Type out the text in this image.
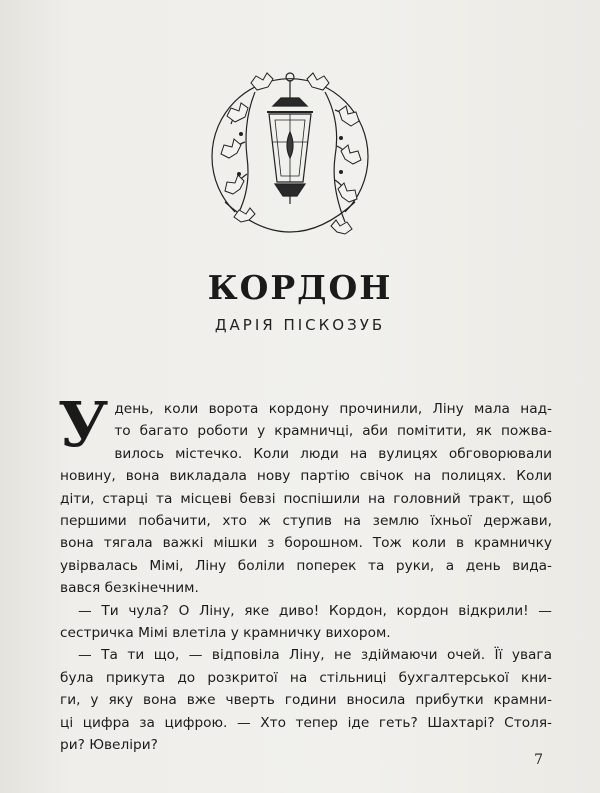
КОРДОН
ДАРІЯ ПІСКОЗУБ
У день, коли ворота кордону прочинили, Ліну мала над-
то багато роботи у крамничці, аби помітити, як пожва-
вилось містечко. Коли люди на вулицях обговорювали
новину, вона викладала нову партію свічок на полицях. Коли
діти, старці та місцеві бевзі поспішили на головний тракт, щоб
першими побачити, хто ж ступив на землю їхньої держави,
вона тягала важкі мішки з борошном. Тож коли в крамничку
увірвалась Мімі, Ліну боліли поперек та руки, а день вида-
вався безкінечним.
— Ти чула? О Ліну, яке диво! Кордон, кордон відкрили! —
сестричка Мімі влетіла у крамничку вихором.
— Та ти що, — відповіла Ліну, не здіймаючи очей. Її увага
була прикута до розкритої на стільниці бухгалтерської кни-
ги, у яку вона вже чверть години вносила прибутки крамни-
ці цифра за цифрою. — Хто тепер іде геть? Шахтарі? Столя-
ри? Ювеліри?
7
